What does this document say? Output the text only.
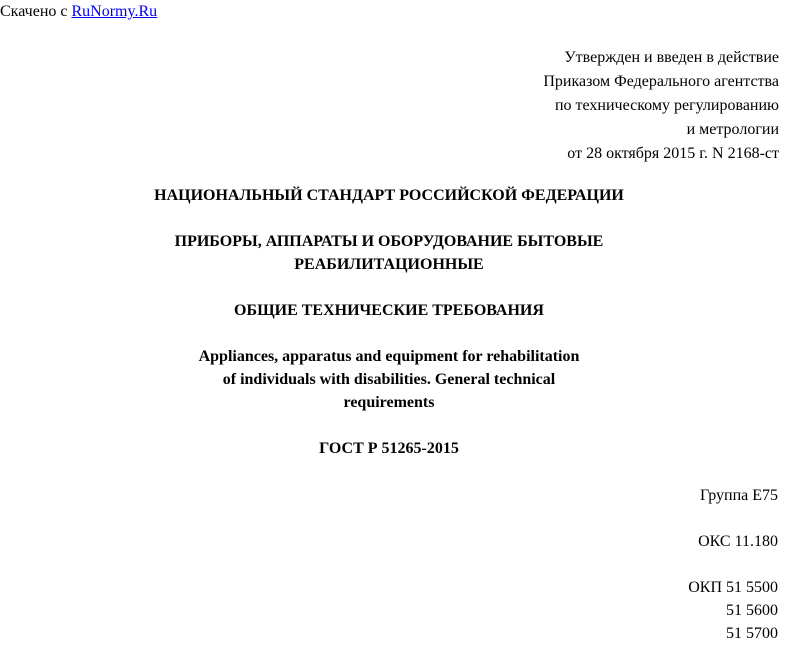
Скачено с RuNormy.Ru
Утвержден и введен в действие
Приказом Федерального агентства
по техническому регулированию
и метрологии
от 28 октября 2015 г. N 2168-ст
НАЦИОНАЛЬНЫЙ СТАНДАРТ РОССИЙСКОЙ ФЕДЕРАЦИИ
ПРИБОРЫ, АППАРАТЫ И ОБОРУДОВАНИЕ БЫТОВЫЕ
РЕАБИЛИТАЦИОННЫЕ
ОБЩИЕ ТЕХНИЧЕСКИЕ ТРЕБОВАНИЯ
Appliances, apparatus and equipment for rehabilitation
of individuals with disabilities. General technical
requirements
ГОСТ Р 51265-2015
Группа Е75
ОКС 11.180
ОКП 51 5500
51 5600
51 5700
